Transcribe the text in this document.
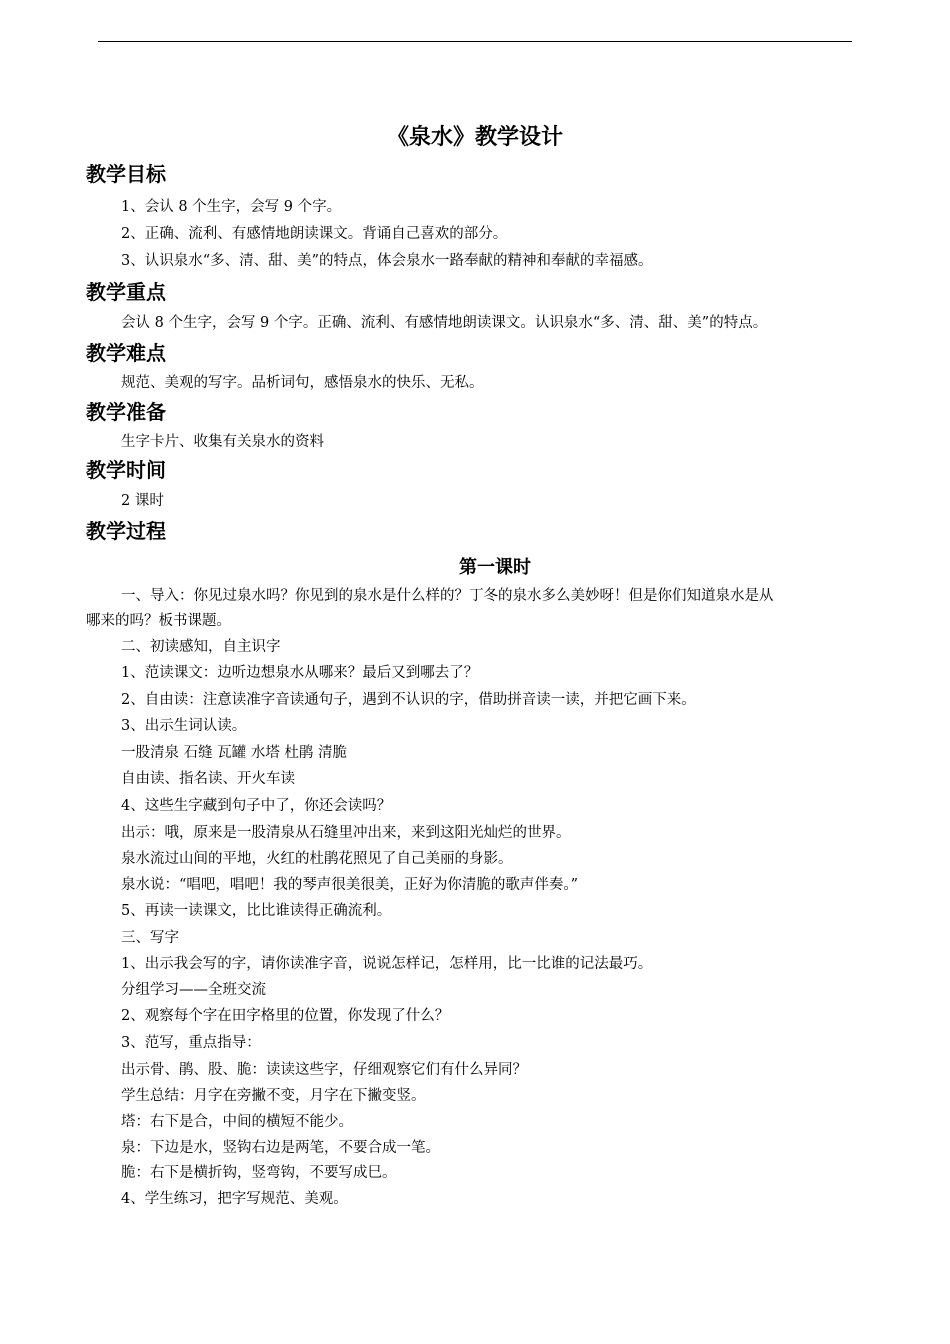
《泉水》教学设计
教学目标
1、会认 8 个生字，会写 9 个字。
2、正确、流利、有感情地朗读课文。背诵自己喜欢的部分。
3、认识泉水“多、清、甜、美”的特点，体会泉水一路奉献的精神和奉献的幸福感。
教学重点
会认 8 个生字，会写 9 个字。正确、流利、有感情地朗读课文。认识泉水“多、清、甜、美”的特点。
教学难点
规范、美观的写字。品析词句，感悟泉水的快乐、无私。
教学准备
生字卡片、收集有关泉水的资料
教学时间
2 课时
教学过程
第一课时
一、导入：你见过泉水吗？你见到的泉水是什么样的？丁冬的泉水多么美妙呀！但是你们知道泉水是从
哪来的吗？板书课题。
二、初读感知，自主识字
1、范读课文：边听边想泉水从哪来？最后又到哪去了？
2、自由读：注意读准字音读通句子，遇到不认识的字，借助拼音读一读，并把它画下来。
3、出示生词认读。
一股清泉 石缝 瓦罐 水塔 杜鹃 清脆
自由读、指名读、开火车读
4、这些生字藏到句子中了，你还会读吗？
出示：哦，原来是一股清泉从石缝里冲出来，来到这阳光灿烂的世界。
泉水流过山间的平地，火红的杜鹃花照见了自己美丽的身影。
泉水说：“唱吧，唱吧！我的琴声很美很美，正好为你清脆的歌声伴奏。”
5、再读一读课文，比比谁读得正确流利。
三、写字
1、出示我会写的字，请你读准字音，说说怎样记，怎样用，比一比谁的记法最巧。
分组学习——全班交流
2、观察每个字在田字格里的位置，你发现了什么？
3、范写，重点指导：
出示骨、鹃、股、脆：读读这些字，仔细观察它们有什么异同？
学生总结：月字在旁撇不变，月字在下撇变竖。
塔：右下是合，中间的横短不能少。
泉：下边是水，竖钩右边是两笔，不要合成一笔。
脆：右下是横折钩，竖弯钩，不要写成巳。
4、学生练习，把字写规范、美观。
